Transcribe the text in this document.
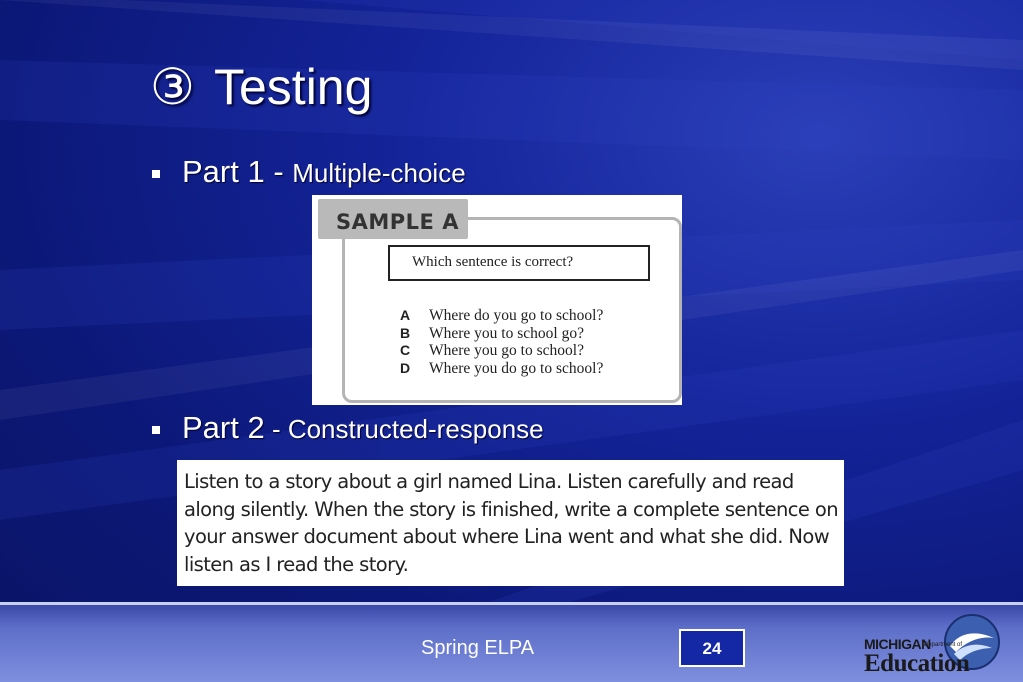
③ Testing
Part 1 - Multiple-choice
SAMPLE A
Which sentence is correct?
A Where do you go to school?
B Where you to school go?
C Where you go to school?
D Where you do go to school?
Part 2 - Constructed-response

Listen to a story about a girl named Lina. Listen carefully and read along silently. When the story is finished, write a complete sentence on your answer document about where Lina went and what she did. Now listen as I read the story.

Spring ELPA	24	MICHIGAN
Department of
Education
